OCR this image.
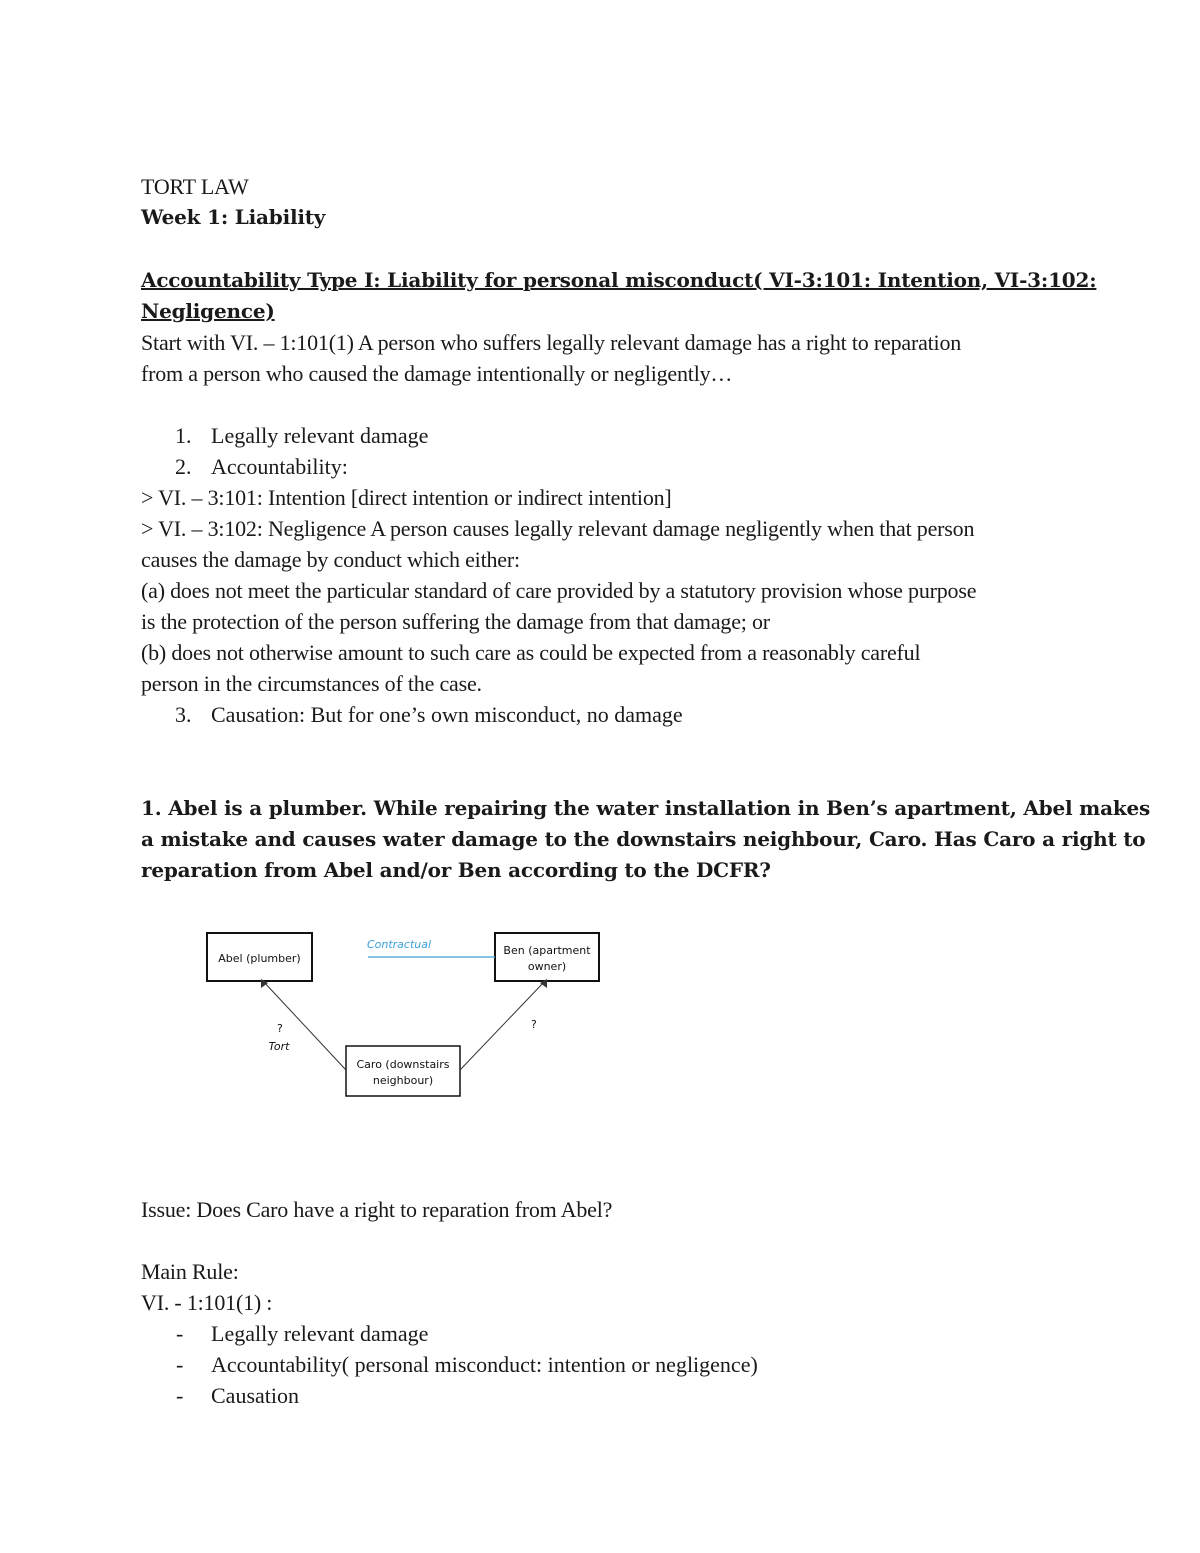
TORT LAW
Week 1: Liability
Accountability Type I: Liability for personal misconduct( VI-3:101: Intention, VI-3:102:
Negligence)
Start with VI. – 1:101(1) A person who suffers legally relevant damage has a right to reparation
from a person who caused the damage intentionally or negligently…
1. Legally relevant damage
2. Accountability:
> VI. – 3:101: Intention [direct intention or indirect intention]
> VI. – 3:102: Negligence A person causes legally relevant damage negligently when that person
causes the damage by conduct which either:
(a) does not meet the particular standard of care provided by a statutory provision whose purpose
is the protection of the person suffering the damage from that damage; or
(b) does not otherwise amount to such care as could be expected from a reasonably careful
person in the circumstances of the case.
3. Causation: But for one’s own misconduct, no damage
1. Abel is a plumber. While repairing the water installation in Ben’s apartment, Abel makes
a mistake and causes water damage to the downstairs neighbour, Caro. Has Caro a right to
reparation from Abel and/or Ben according to the DCFR?
Abel (plumber)
Ben (apartment
owner)
Caro (downstairs
neighbour)
Contractual
?
Tort
?
Issue: Does Caro have a right to reparation from Abel?
Main Rule:
VI. - 1:101(1) :
- Legally relevant damage
- Accountability( personal misconduct: intention or negligence)
- Causation
